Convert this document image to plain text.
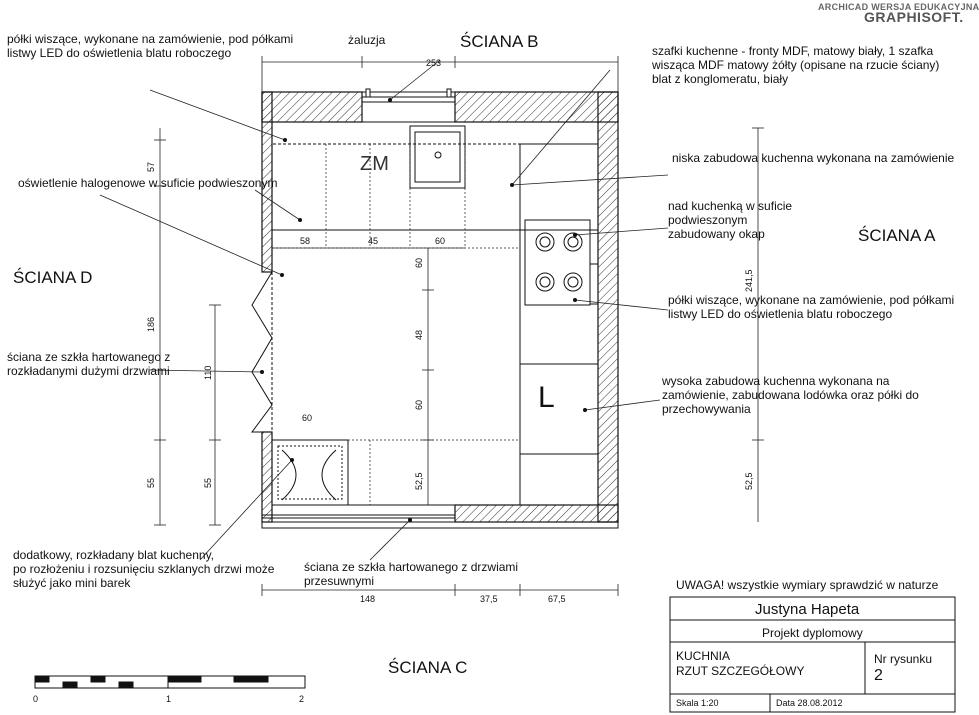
ARCHICAD WERSJA EDUKACYJNA
GRAPHISOFT.
ŚCIANA B
ŚCIANA A
ŚCIANA D
ŚCIANA C
ZM
L
półki wiszące, wykonane na zamówienie, pod półkami
listwy LED do oświetlenia blatu roboczego
żaluzja
szafki kuchenne - fronty MDF, matowy biały, 1 szafka
wisząca MDF matowy żółty (opisane na rzucie ściany)
blat z konglomeratu, biały
oświetlenie halogenowe w suficie podwieszonym
niska zabudowa kuchenna wykonana na zamówienie
nad kuchenką w suficie
podwieszonym
zabudowany okap
półki wiszące, wykonane na zamówienie, pod półkami
listwy LED do oświetlenia blatu roboczego
ściana ze szkła hartowanego z
rozkładanymi dużymi drzwiami
wysoka zabudowa kuchenna wykonana na
zamówienie, zabudowana lodówka oraz półki do
przechowywania
dodatkowy, rozkładany blat kuchenny,
po rozłożeniu i rozsunięciu szklanych drzwi może
służyć jako mini barek
ściana ze szkła hartowanego z drzwiami
przesuwnymi	UWAGA! wszystkie wymiary sprawdzić w naturze
253
58	45	60
60
148	37,5	67,5
57
186
55
110
55
60
48
60
52,5
241,5
52,5
0	1	2
Justyna Hapeta
Projekt dyplomowy
KUCHNIA
RZUT SZCZEGÓŁOWY
Nr rysunku
2
Skala 1:20	Data 28.08.2012
